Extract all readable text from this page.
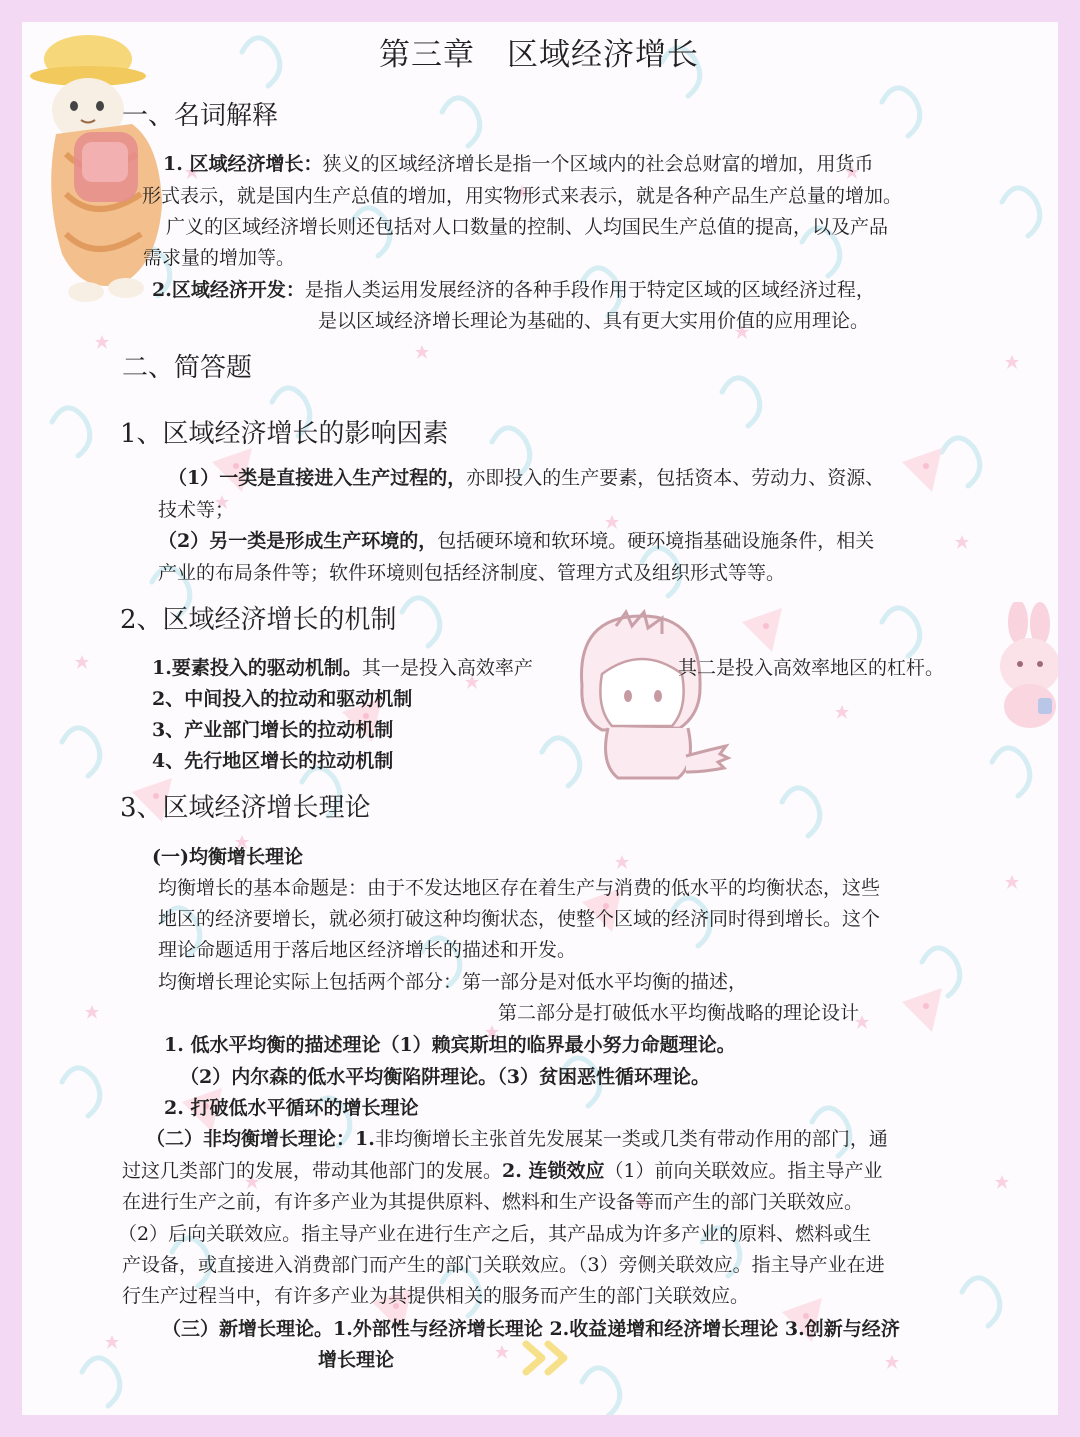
第三章　区域经济增长
一、名词解释
1. 区域经济增长：狭义的区域经济增长是指一个区域内的社会总财富的增加，用货币
形式表示，就是国内生产总值的增加，用实物形式来表示，就是各种产品生产总量的增加。
广义的区域经济增长则还包括对人口数量的控制、人均国民生产总值的提高，以及产品
需求量的增加等。
2.区域经济开发：是指人类运用发展经济的各种手段作用于特定区域的区域经济过程，
是以区域经济增长理论为基础的、具有更大实用价值的应用理论。
二、简答题
1、区域经济增长的影响因素
（1）一类是直接进入生产过程的，亦即投入的生产要素，包括资本、劳动力、资源、
技术等；
（2）另一类是形成生产环境的，包括硬环境和软环境。硬环境指基础设施条件，相关
产业的布局条件等；软件环境则包括经济制度、管理方式及组织形式等等。
2、区域经济增长的机制
1.要素投入的驱动机制。其一是投入高效率产	其二是投入高效率地区的杠杆。
2、中间投入的拉动和驱动机制
3、产业部门增长的拉动机制
4、先行地区增长的拉动机制
3、区域经济增长理论
(一)均衡增长理论
均衡增长的基本命题是：由于不发达地区存在着生产与消费的低水平的均衡状态，这些
地区的经济要增长，就必须打破这种均衡状态，使整个区域的经济同时得到增长。这个
理论命题适用于落后地区经济增长的描述和开发。
均衡增长理论实际上包括两个部分：第一部分是对低水平均衡的描述，
第二部分是打破低水平均衡战略的理论设计
1. 低水平均衡的描述理论（1）赖宾斯坦的临界最小努力命题理论。
（2）内尔森的低水平均衡陷阱理论。（3）贫困恶性循环理论。
2. 打破低水平循环的增长理论
（二）非均衡增长理论：1.非均衡增长主张首先发展某一类或几类有带动作用的部门，通
过这几类部门的发展，带动其他部门的发展。2. 连锁效应（1）前向关联效应。指主导产业
在进行生产之前，有许多产业为其提供原料、燃料和生产设备等而产生的部门关联效应。
（2）后向关联效应。指主导产业在进行生产之后，其产品成为许多产业的原料、燃料或生
产设备，或直接进入消费部门而产生的部门关联效应。（3）旁侧关联效应。指主导产业在进
行生产过程当中，有许多产业为其提供相关的服务而产生的部门关联效应。
（三）新增长理论。1.外部性与经济增长理论 2.收益递增和经济增长理论 3.创新与经济
增长理论
